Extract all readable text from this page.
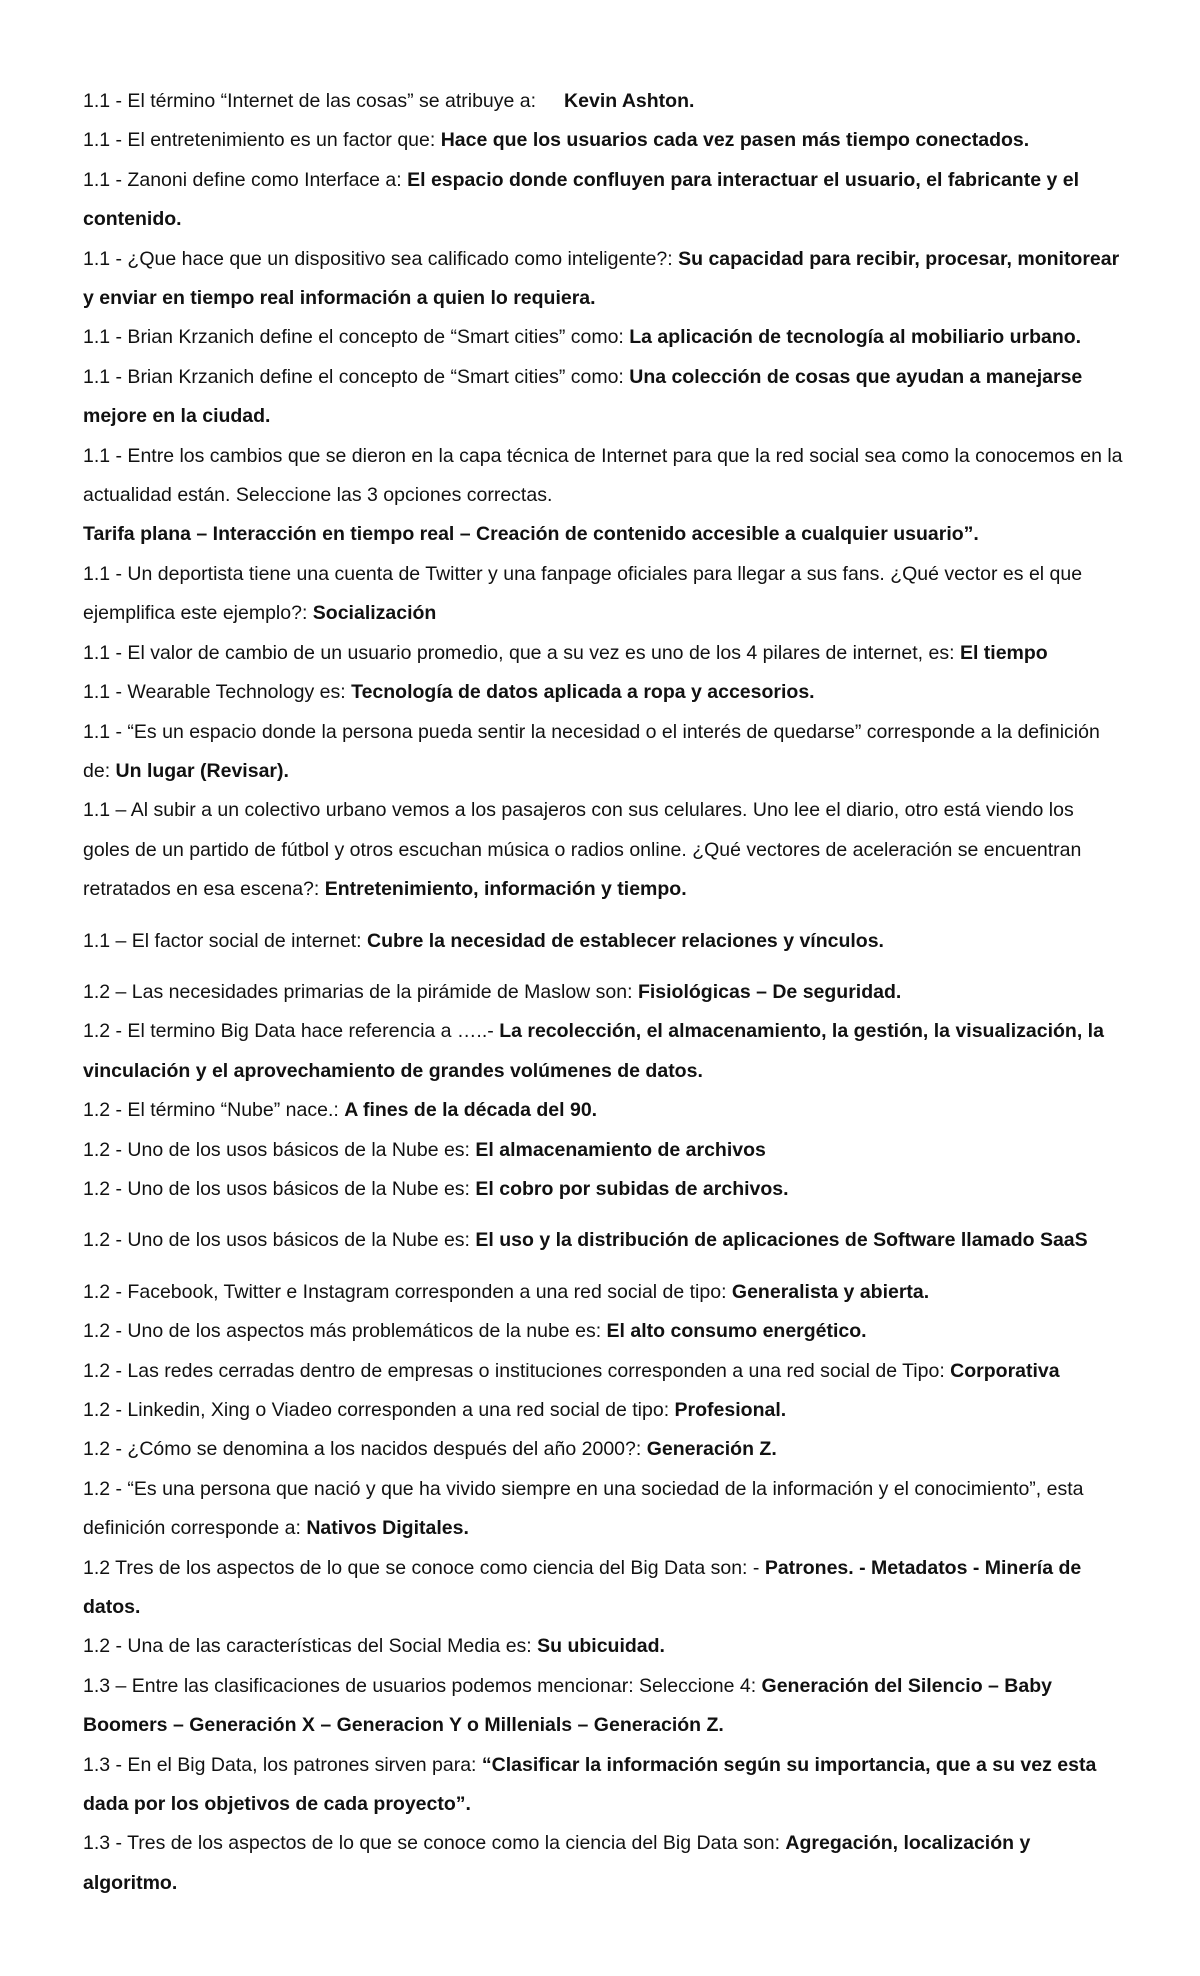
1.1 - El término “Internet de las cosas” se atribuye a: Kevin Ashton.

1.1 - El entretenimiento es un factor que: Hace que los usuarios cada vez pasen más tiempo conectados.

1.1 - Zanoni define como Interface a: El espacio donde confluyen para interactuar el usuario, el fabricante y el contenido.

1.1 - ¿Que hace que un dispositivo sea calificado como inteligente?: Su capacidad para recibir, procesar, monitorear y enviar en tiempo real información a quien lo requiera.

1.1 - Brian Krzanich define el concepto de “Smart cities” como: La aplicación de tecnología al mobiliario urbano.

1.1 - Brian Krzanich define el concepto de “Smart cities” como: Una colección de cosas que ayudan a manejarse mejore en la ciudad.

1.1 - Entre los cambios que se dieron en la capa técnica de Internet para que la red social sea como la conocemos en la actualidad están. Seleccione las 3 opciones correctas.

Tarifa plana – Interacción en tiempo real – Creación de contenido accesible a cualquier usuario”.

1.1 - Un deportista tiene una cuenta de Twitter y una fanpage oficiales para llegar a sus fans. ¿Qué vector es el que ejemplifica este ejemplo?: Socialización

1.1 - El valor de cambio de un usuario promedio, que a su vez es uno de los 4 pilares de internet, es: El tiempo

1.1 - Wearable Technology es: Tecnología de datos aplicada a ropa y accesorios.

1.1 - “Es un espacio donde la persona pueda sentir la necesidad o el interés de quedarse” corresponde a la definición de: Un lugar (Revisar).

1.1 – Al subir a un colectivo urbano vemos a los pasajeros con sus celulares. Uno lee el diario, otro está viendo los goles de un partido de fútbol y otros escuchan música o radios online. ¿Qué vectores de aceleración se encuentran retratados en esa escena?: Entretenimiento, información y tiempo.

1.1 – El factor social de internet: Cubre la necesidad de establecer relaciones y vínculos.

1.2 – Las necesidades primarias de la pirámide de Maslow son: Fisiológicas – De seguridad.

1.2 - El termino Big Data hace referencia a …..- La recolección, el almacenamiento, la gestión, la visualización, la vinculación y el aprovechamiento de grandes volúmenes de datos.

1.2 - El término “Nube” nace.: A fines de la década del 90.

1.2 - Uno de los usos básicos de la Nube es: El almacenamiento de archivos

1.2 - Uno de los usos básicos de la Nube es: El cobro por subidas de archivos.

1.2 - Uno de los usos básicos de la Nube es: El uso y la distribución de aplicaciones de Software llamado SaaS

1.2 - Facebook, Twitter e Instagram corresponden a una red social de tipo: Generalista y abierta.

1.2 - Uno de los aspectos más problemáticos de la nube es: El alto consumo energético.

1.2 - Las redes cerradas dentro de empresas o instituciones corresponden a una red social de Tipo: Corporativa

1.2 - Linkedin, Xing o Viadeo corresponden a una red social de tipo: Profesional.

1.2 - ¿Cómo se denomina a los nacidos después del año 2000?: Generación Z.

1.2 - “Es una persona que nació y que ha vivido siempre en una sociedad de la información y el conocimiento”, esta definición corresponde a: Nativos Digitales.

1.2 Tres de los aspectos de lo que se conoce como ciencia del Big Data son: - Patrones. - Metadatos - Minería de datos.

1.2 - Una de las características del Social Media es: Su ubicuidad.

1.3 – Entre las clasificaciones de usuarios podemos mencionar: Seleccione 4: Generación del Silencio – Baby Boomers – Generación X – Generacion Y o Millenials – Generación Z.

1.3 - En el Big Data, los patrones sirven para: “Clasificar la información según su importancia, que a su vez esta dada por los objetivos de cada proyecto”.

1.3 - Tres de los aspectos de lo que se conoce como la ciencia del Big Data son: Agregación, localización y algoritmo.
